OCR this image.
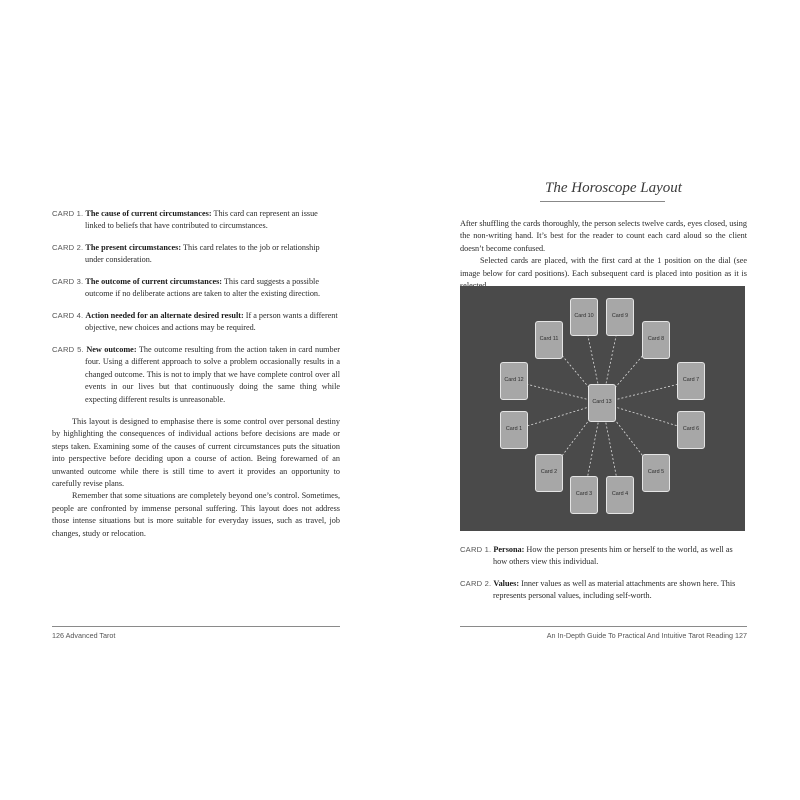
CARD 1. The cause of current circumstances: This card can represent an issue linked to beliefs that have contributed to circumstances.
CARD 2. The present circumstances: This card relates to the job or relationship under consideration.
CARD 3. The outcome of current circumstances: This card suggests a possible outcome if no deliberate actions are taken to alter the existing direction.
CARD 4. Action needed for an alternate desired result: If a person wants a different objective, new choices and actions may be required.
CARD 5. New outcome: The outcome resulting from the action taken in card number four. Using a different approach to solve a problem occasionally results in a changed outcome. This is not to imply that we have complete control over all events in our lives but that continuously doing the same thing while expecting different results is unreasonable.

This layout is designed to emphasise there is some control over personal destiny by highlighting the consequences of individual actions before decisions are made or steps taken. Examining some of the causes of current circumstances puts the situation into perspective before deciding upon a course of action. Being forewarned of an unwanted outcome while there is still time to avert it provides an opportunity to carefully revise plans.

Remember that some situations are completely beyond one’s control. Sometimes, people are confronted by immense personal suffering. This layout does not address those intense situations but is more suitable for everyday issues, such as travel, job changes, study or relocation.

126 Advanced Tarot
The Horoscope Layout

After shuffling the cards thoroughly, the person selects twelve cards, eyes closed, using the non-writing hand. It’s best for the reader to count each card aloud so the client doesn’t become confused.

Selected cards are placed, with the first card at the 1 position on the dial (see image below for card positions). Each subsequent card is placed into position as it is

Card 13
Card 1
Card 2
Card 3	Card 4
Card 5
Card 6
Card 7
Card 8
Card 9
Card 10
Card 11
Card 12
CARD 1. Persona: How the person presents him or herself to the world, as well as how others view this individual.
CARD 2. Values: Inner values as well as material attachments are shown here. This represents personal values, including self-worth.
An In-Depth Guide To Practical And Intuitive Tarot Reading 127
